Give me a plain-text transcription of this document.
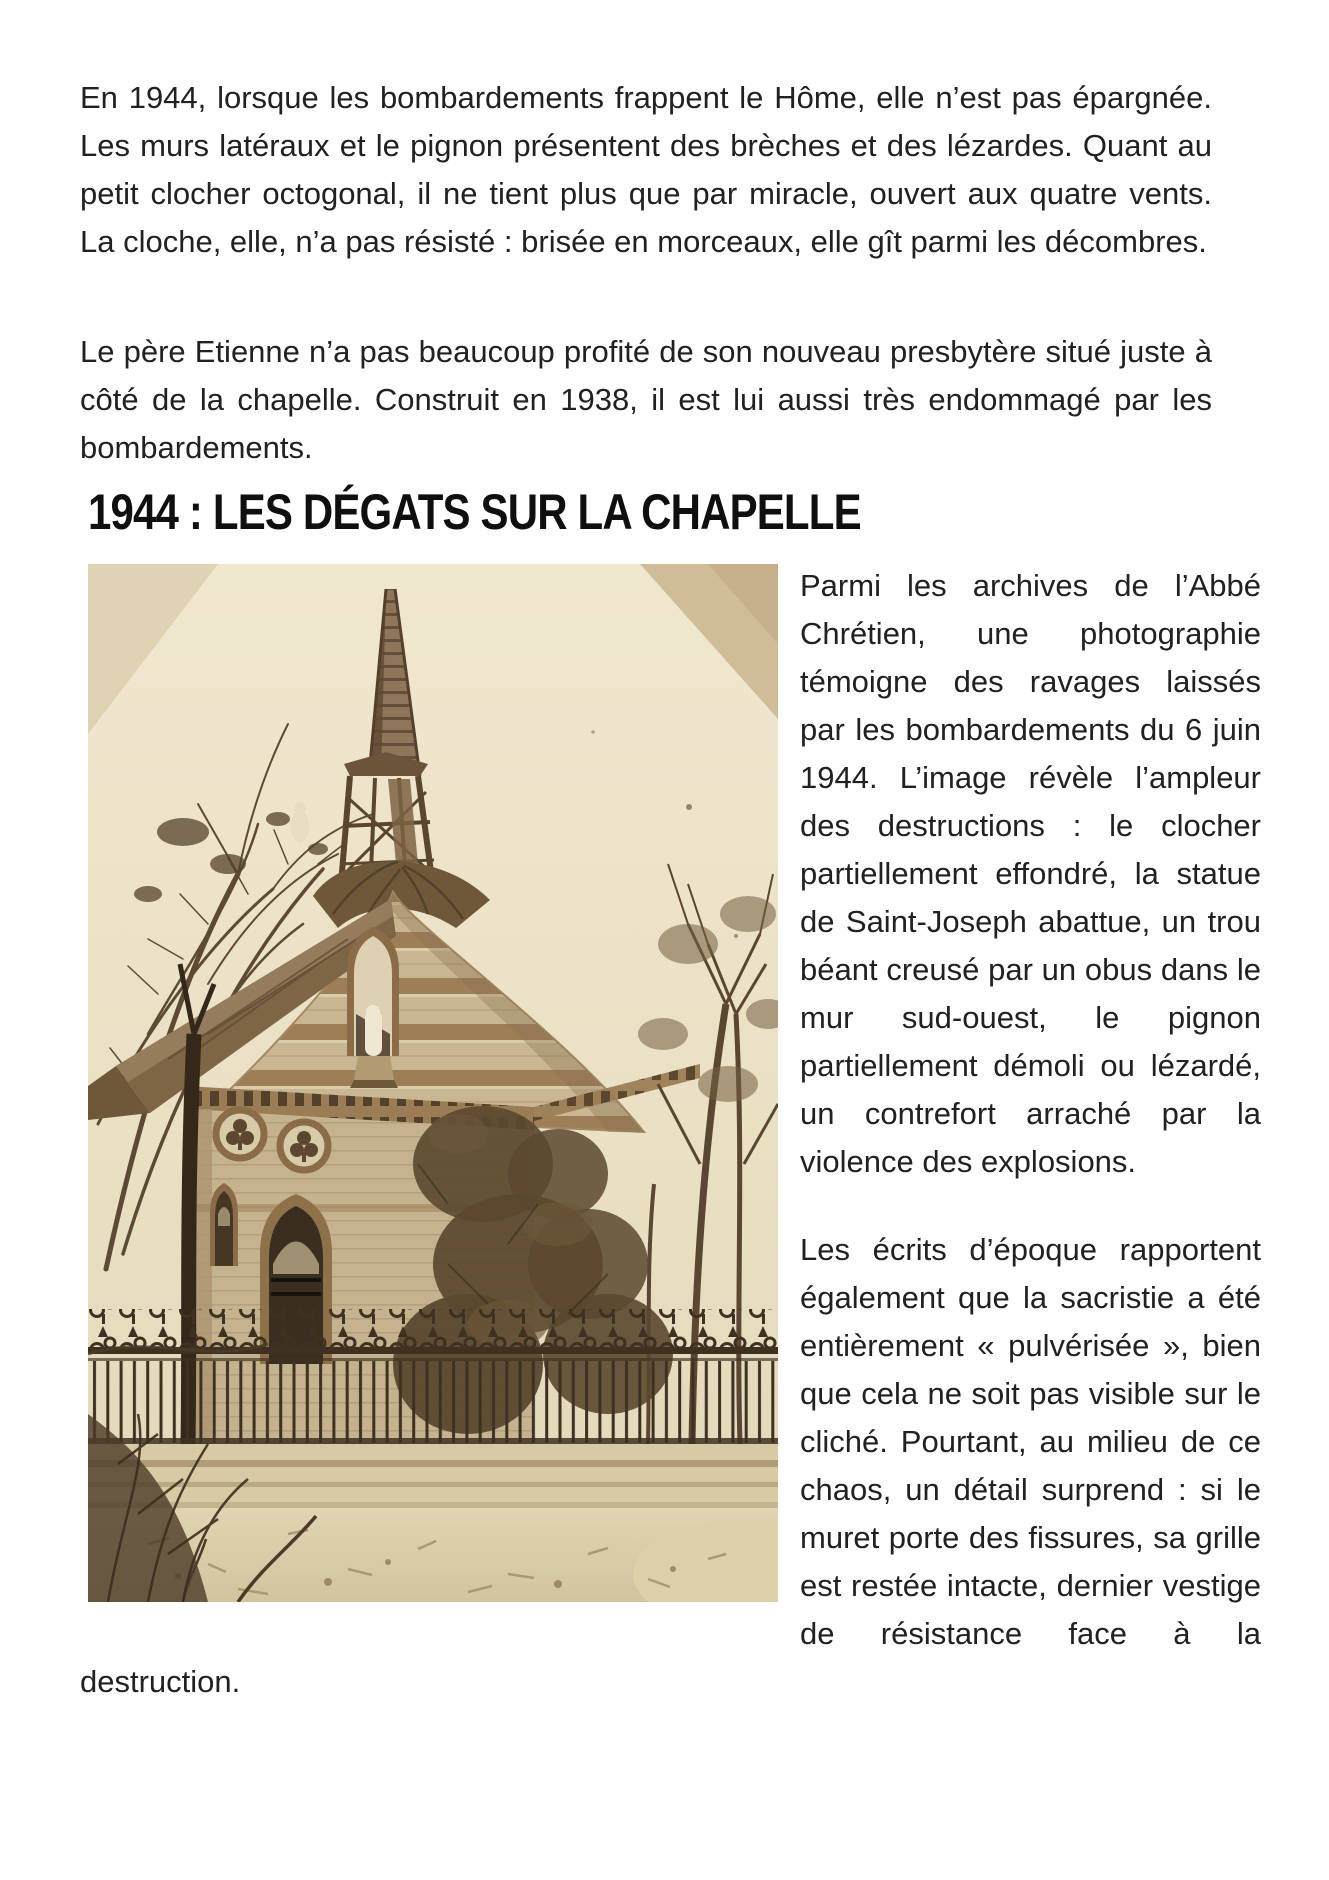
En 1944, lorsque les bombardements frappent le Hôme, elle n’est pas épargnée. Les murs latéraux et le pignon présentent des brèches et des lézardes. Quant au petit clocher octogonal, il ne tient plus que par miracle, ouvert aux quatre vents. La cloche, elle, n’a pas résisté : brisée en morceaux, elle gît parmi les décombres.

Le père Etienne n’a pas beaucoup profité de son nouveau presbytère situé juste à côté de la chapelle. Construit en 1938, il est lui aussi très endommagé par les bombardements.

1944 : LES DÉGATS SUR LA CHAPELLE

Parmi les archives de l’Abbé Chrétien, une photographie témoigne des ravages laissés par les bombardements du 6 juin 1944. L’image révèle l’ampleur des destructions : le clocher partiellement effondré, la statue de Saint-Joseph abattue, un trou béant creusé par un obus dans le mur sud-ouest, le pignon partiellement démoli ou lézardé, un contrefort arraché par la violence des explosions.

Les écrits d’époque rapportent également que la sacristie a été entièrement « pulvérisée », bien que cela ne soit pas visible sur le cliché. Pourtant, au milieu de ce chaos, un détail surprend : si le muret porte des fissures, sa grille est restée intacte, dernier vestige de résistance face à la destruction.
